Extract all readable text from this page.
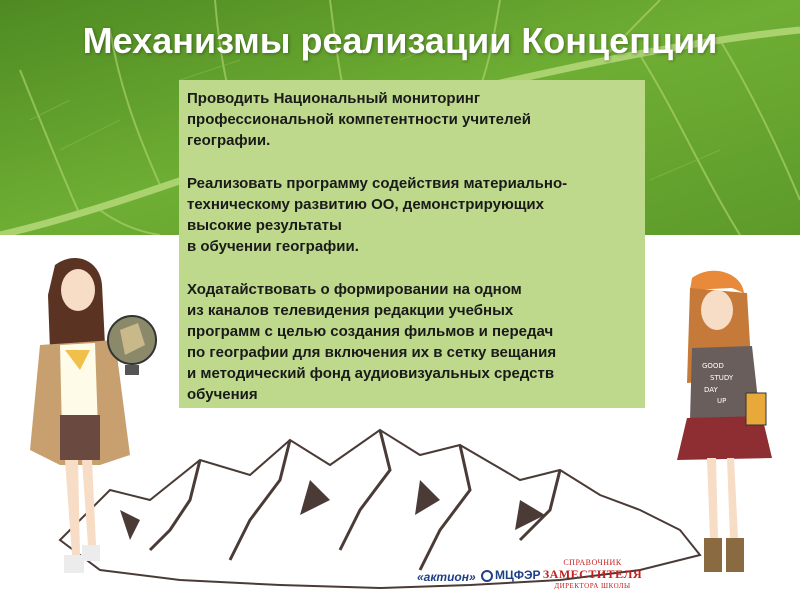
Механизмы реализации Концепции
GOOD
STUDY
DAY
UP

Проводить Национальный мониторинг
профессиональной компетентности учителей
географии.

Реализовать программу содействия материально-
техническому развитию ОО, демонстрирующих
высокие результаты
в обучении географии.

Ходатайствовать о формировании на одном
из каналов телевидения редакции учебных
программ с целью создания фильмов и передач
по географии для включения их в сетку вещания
и методический фонд аудиовизуальных средств
обучения

«актион»	МЦФЭР
СПРАВОЧНИК
ЗАМЕСТИТЕЛЯ
ДИРЕКТОРА ШКОЛЫ
